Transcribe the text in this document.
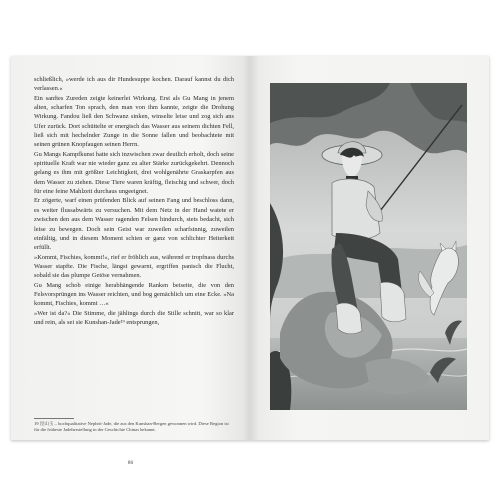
schließlich, »werde ich aus dir Hundesuppe kochen. Darauf kannst du dich verlassen.«

Ein sanftes Zureden zeigte keinerlei Wirkung. Erst als Gu Mang in jenem alten, scharfen Ton sprach, den man von ihm kannte, zeigte die Drohung Wirkung. Fandou ließ den Schwanz sinken, winselte leise und zog sich ans Ufer zurück. Dort schüttelte er energisch das Wasser aus seinem dichten Fell, ließ sich mit hechelnder Zunge in die Sonne fallen und beobachtete mit seinen grünen Knopfaugen seinen Herrn.

Gu Mangs Kampfkunst hatte sich inzwischen zwar deutlich erholt, doch seine spirituelle Kraft war nie wieder ganz zu alter Stärke zurückgekehrt. Dennoch gelang es ihm mit größter Leichtigkeit, drei wohlgenährte Graskarpfen aus dem Wasser zu ziehen. Diese Tiere waren kräftig, fleischig und schwer, doch für eine feine Mahlzeit durchaus ungeeignet.

Er zögerte, warf einen prüfenden Blick auf seinen Fang und beschloss dann, es weiter flussabwärts zu versuchen. Mit dem Netz in der Hand watete er zwischen den aus dem Wasser ragenden Felsen hindurch, stets bedacht, sich leise zu bewegen. Doch sein Geist war zuweilen scharfsinnig, zuweilen einfältig, und in diesem Moment schien er ganz von schlichter Heiterkeit erfüllt.

»Kommt, Fischies, kommt!«, rief er fröhlich aus, während er tropfnass durchs Wasser stapfte. Die Fische, längst gewarnt, ergriffen panisch die Flucht, sobald sie das plumpe Getöse vernahmen.

Gu Mang schob einige herabhängende Ranken beiseite, die von den Felsvorsprüngen ins Wasser reichten, und bog gemächlich um eine Ecke. »Na kommt, Fischies, kommt …«

»Wer ist da?« Die Stimme, die jählings durch die Stille schnitt, war so klar und rein, als sei sie Kunshan-Jade¹⁹ entsprungen,

19 昆山玉 – hochqualitative Nephrit-Jade, die aus den Kunshan-Bergen gewonnen wird. Diese Region ist für die früheste Jadeherstellung in der Geschichte Chinas bekannt.
86
